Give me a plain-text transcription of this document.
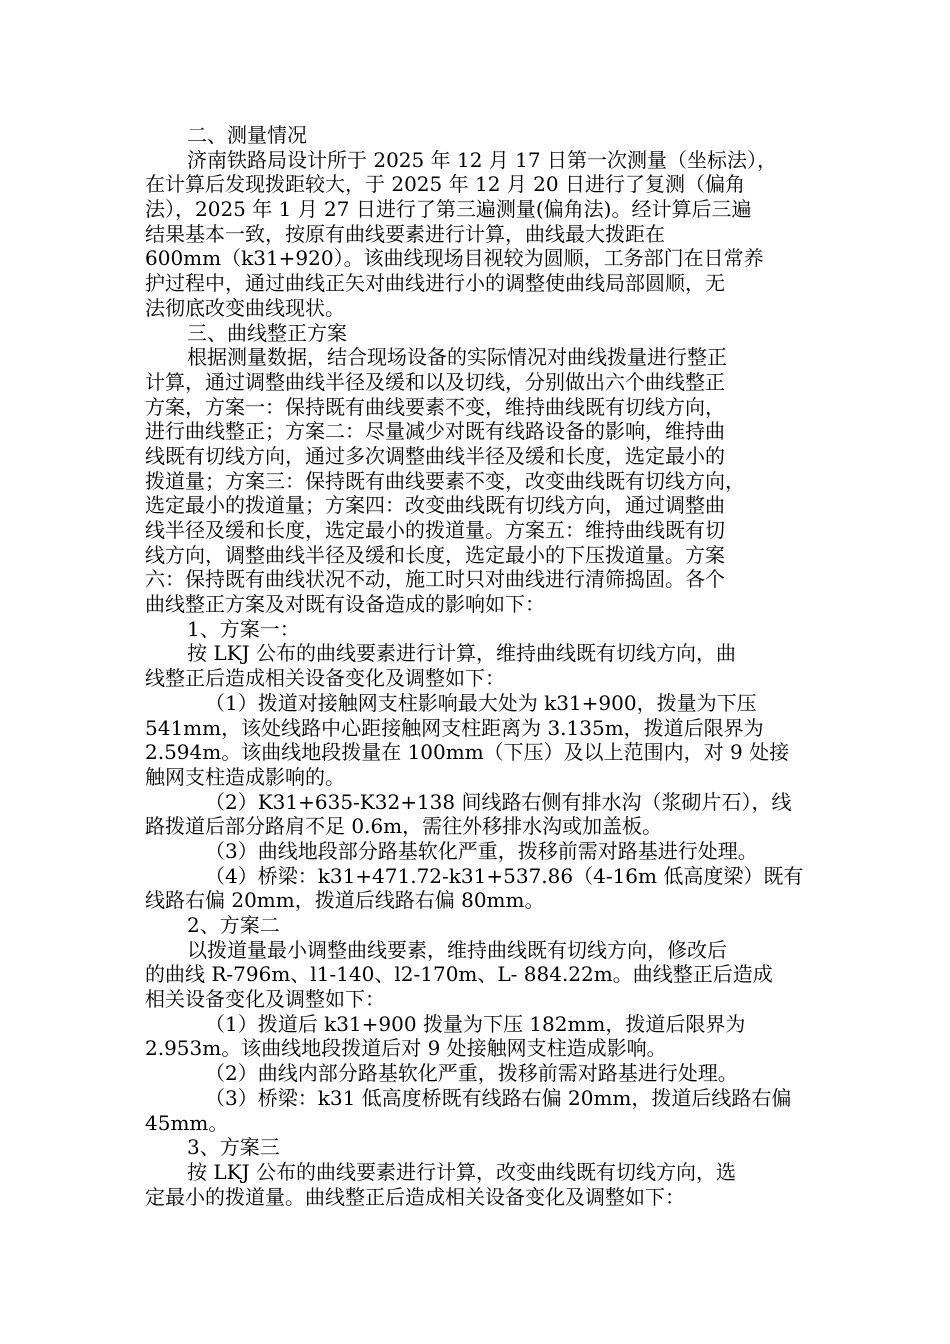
二、测量情况
济南铁路局设计所于 2025 年 12 月 17 日第一次测量（坐标法），
在计算后发现拨距较大，于 2025 年 12 月 20 日进行了复测（偏角
法），2025 年 1 月 27 日进行了第三遍测量(偏角法)。经计算后三遍
结果基本一致，按原有曲线要素进行计算，曲线最大拨距在
600mm（k31+920）。该曲线现场目视较为圆顺，工务部门在日常养
护过程中，通过曲线正矢对曲线进行小的调整使曲线局部圆顺，无
法彻底改变曲线现状。
三、曲线整正方案
根据测量数据，结合现场设备的实际情况对曲线拨量进行整正
计算，通过调整曲线半径及缓和以及切线，分别做出六个曲线整正
方案，方案一：保持既有曲线要素不变，维持曲线既有切线方向，
进行曲线整正；方案二：尽量减少对既有线路设备的影响，维持曲
线既有切线方向，通过多次调整曲线半径及缓和长度，选定最小的
拨道量；方案三：保持既有曲线要素不变，改变曲线既有切线方向，
选定最小的拨道量；方案四：改变曲线既有切线方向，通过调整曲
线半径及缓和长度，选定最小的拨道量。方案五：维持曲线既有切
线方向，调整曲线半径及缓和长度，选定最小的下压拨道量。方案
六：保持既有曲线状况不动，施工时只对曲线进行清筛捣固。各个
曲线整正方案及对既有设备造成的影响如下：
1、方案一：
按 LKJ 公布的曲线要素进行计算，维持曲线既有切线方向，曲
线整正后造成相关设备变化及调整如下：
（1）拨道对接触网支柱影响最大处为 k31+900，拨量为下压
541mm，该处线路中心距接触网支柱距离为 3.135m，拨道后限界为
2.594m。该曲线地段拨量在 100mm（下压）及以上范围内，对 9 处接
触网支柱造成影响的。
（2）K31+635-K32+138 间线路右侧有排水沟（浆砌片石），线
路拨道后部分路肩不足 0.6m，需往外移排水沟或加盖板。
（3）曲线地段部分路基软化严重，拨移前需对路基进行处理。
（4）桥梁：k31+471.72-k31+537.86（4-16m 低高度梁）既有
线路右偏 20mm，拨道后线路右偏 80mm。
2、方案二
以拨道量最小调整曲线要素，维持曲线既有切线方向，修改后
的曲线 R-796m、l1-140、l2-170m、L- 884.22m。曲线整正后造成
相关设备变化及调整如下：
（1）拨道后 k31+900 拨量为下压 182mm，拨道后限界为
2.953m。该曲线地段拨道后对 9 处接触网支柱造成影响。
（2）曲线内部分路基软化严重，拨移前需对路基进行处理。
（3）桥梁：k31 低高度桥既有线路右偏 20mm，拨道后线路右偏
45mm。
3、方案三
按 LKJ 公布的曲线要素进行计算，改变曲线既有切线方向，选
定最小的拨道量。曲线整正后造成相关设备变化及调整如下：
